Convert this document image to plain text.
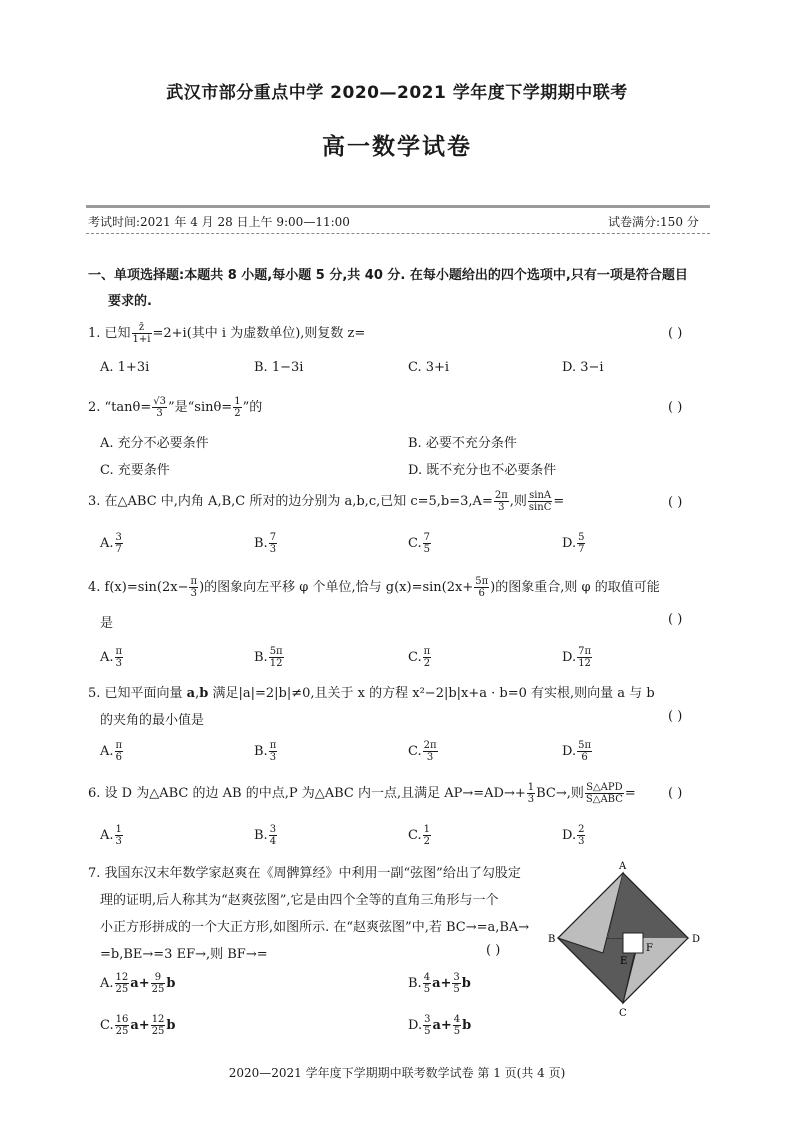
武汉市部分重点中学 2020—2021 学年度下学期期中联考
高一数学试卷
考试时间:2021 年 4 月 28 日上午 9:00—11:00	试卷满分:150 分
一、单项选择题:本题共 8 小题,每小题 5 分,共 40 分. 在每小题给出的四个选项中,只有一项是符合题目
要求的.
1. 已知 $\frac{z̄}{1+i} =2+i$(其中 i 为虚数单位),则复数 z=	( )
A. 1+3i	B. 1−3i	C. 3+i	D. 3−i
2. “$\tan\theta= \frac{√3}{3}$ ”是“$\sin\theta= \frac{1}{2}$ ”的	( )
A. 充分不必要条件	B. 必要不充分条件
C. 充要条件	D. 既不充分也不必要条件
3. 在△ABC 中,内角 A,B,C 所对的边分别为 a,b,c,已知 $c=5,b=3,A= \frac{2\pi}{3}$ ,则 $\frac{\sin A}{\sin C}$ =	( )
A. $\frac{3}{7}$	B. $\frac{7}{3}$	C. $\frac{7}{5}$	D. $\frac{5}{7}$
4. $f(x)=\sin(2x- \frac{\pi}{3}$ )的图象向左平移 φ 个单位,恰与 $g(x)=\sin(2x+ \frac{5\pi}{6}$ )的图象重合,则 φ 的取值可能
是	( )
A. $\frac{\pi}{3}$	B. $\frac{5\pi}{12}$	C. $\frac{\pi}{2}$	D. $\frac{7\pi}{12}$
5. 已知平面向量 a,b 满足|a|=2|b|≠0,且关于 x 的方程 x²−2|b|x+a · b=0 有实根,则向量 a 与 b
的夹角的最小值是	( )
A. $\frac{\pi}{6}$	B. $\frac{\pi}{3}$	C. $\frac{2\pi}{3}$	D. $\frac{5\pi}{6}$
6. 设 D 为△ABC 的边 AB 的中点,P 为△ABC 内一点,且满足 $AP\to=AD\to+ \frac{1}{3} BC\to$,则 $\frac{\text{S△APD}}{\text{S△ABC}}$ = ( )
A. $\frac{1}{3}$	B. $\frac{3}{4}$	C. $\frac{1}{2}$	D. $\frac{2}{3}$
7. 我国东汉末年数学家赵爽在《周髀算经》中利用一副“弦图”给出了勾股定
理的证明,后人称其为“赵爽弦图”,它是由四个全等的直角三角形与一个
小正方形拼成的一个大正方形,如图所示. 在“赵爽弦图”中,若 BC→=a,BA→
=b,BE→=3 EF→,则 BF→=	( )
A. $\frac{12}{25} a+ \frac{9}{25}$ b	B. $\frac{4}{5} a+ \frac{3}{5}$ b
C. $\frac{16}{25} a+ \frac{12}{25}$ b	D. $\frac{3}{5} a+ \frac{4}{5}$ b
A
B
C
D
E
F
2020—2021 学年度下学期期中联考数学试卷 第 1 页(共 4 页)
